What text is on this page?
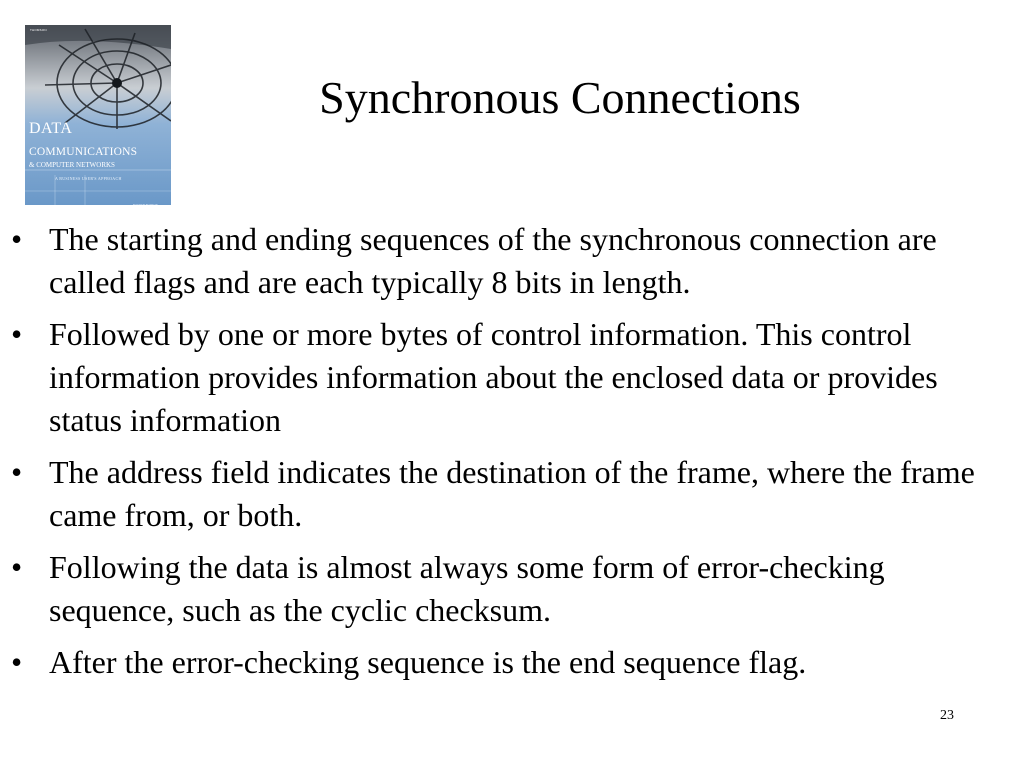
THOMSON
DATA
COMMUNICATIONS
& COMPUTER NETWORKS
A BUSINESS USER'S APPROACH
FOURTH EDITION
Synchronous Connections
• The starting and ending sequences of the synchronous connection are called flags and are each typically 8 bits in length.
• Followed by one or more bytes of control information. This control information provides information about the enclosed data or provides status information
• The address field indicates the destination of the frame, where the frame came from, or both.
• Following the data is almost always some form of error-checking sequence, such as the cyclic checksum.
• After the error-checking sequence is the end sequence flag.
23
